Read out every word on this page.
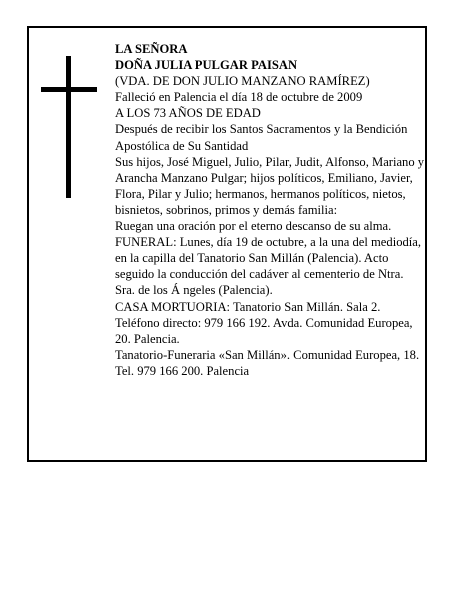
LA SEÑORA

DOÑA JULIA PULGAR PAISAN

(VDA. DE DON JULIO MANZANO RAMÍREZ)

Falleció en Palencia el día 18 de octubre de 2009

A LOS 73 AÑOS DE EDAD

Después de recibir los Santos Sacramentos y la Bendición Apostólica de Su Santidad

Sus hijos, José Miguel, Julio, Pilar, Judit, Alfonso, Mariano y Arancha Manzano Pulgar; hijos políticos, Emiliano, Javier, Flora, Pilar y Julio; hermanos, hermanos políticos, nietos, bisnietos, sobrinos, primos y demás familia:

Ruegan una oración por el eterno descanso de su alma.

FUNERAL: Lunes, día 19 de octubre, a la una del mediodía, en la capilla del Tanatorio San Millán (Palencia). Acto seguido la conducción del cadáver al cementerio de Ntra. Sra. de los Á ngeles (Palencia).

CASA MORTUORIA: Tanatorio San Millán. Sala 2. Teléfono directo: 979 166 192. Avda. Comunidad Europea, 20. Palencia.

Tanatorio-Funeraria «San Millán». Comunidad Europea, 18. Tel. 979 166 200. Palencia
